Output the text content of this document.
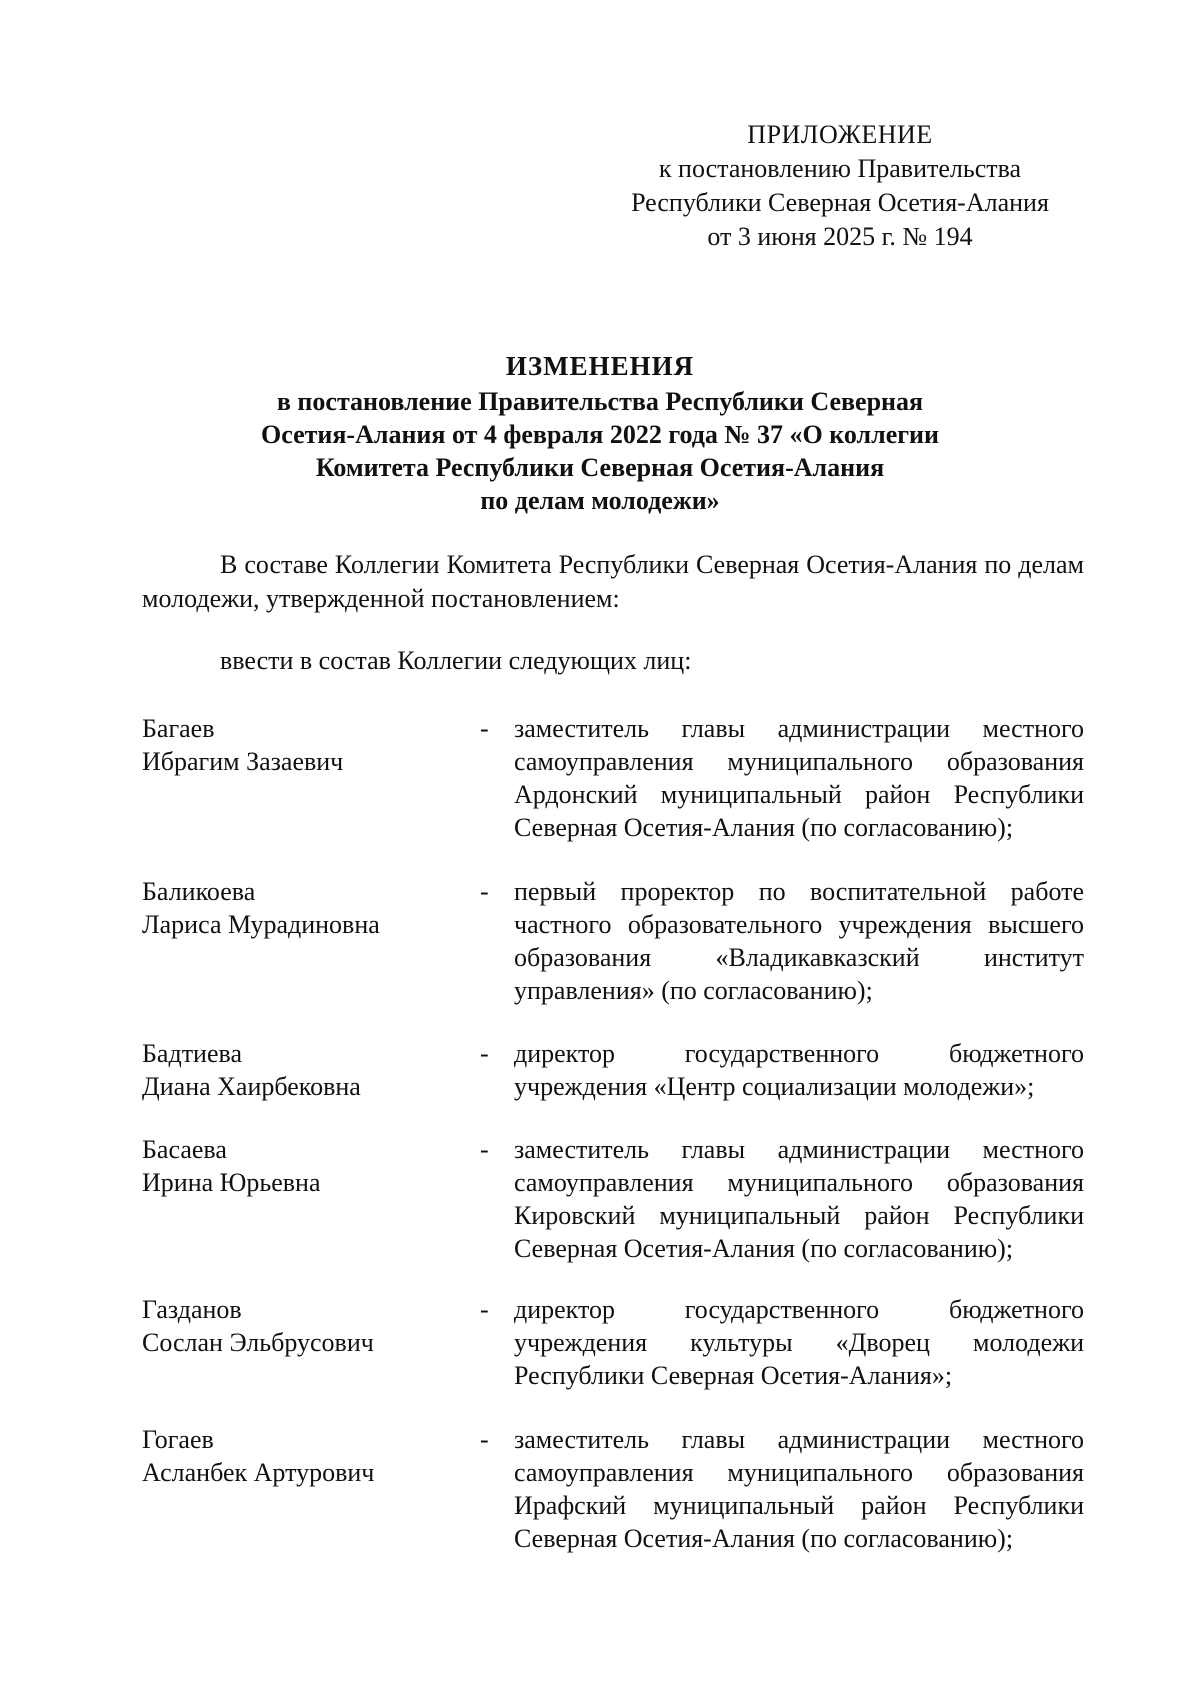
ПРИЛОЖЕНИЕ
к постановлению Правительства
Республики Северная Осетия-Алания
от 3 июня 2025 г. № 194
ИЗМЕНЕНИЯ
в постановление Правительства Республики Северная
Осетия-Алания от 4 февраля 2022 года № 37 «О коллегии
Комитета Республики Северная Осетия-Алания
по делам молодежи»
В составе Коллегии Комитета Республики Северная Осетия-Алания по делам молодежи, утвержденной постановлением:
ввести в состав Коллегии следующих лиц:
Багаев
Ибрагим Зазаевич
- заместитель главы администрации местного самоуправления муниципального образования Ардонский муниципальный район Республики Северная Осетия-Алания (по согласованию);
Баликоева
Лариса Мурадиновна
- первый проректор по воспитательной работе частного образовательного учреждения высшего образования «Владикавказский институт управления» (по согласованию);
Бадтиева
Диана Хаирбековна
- директор государственного бюджетного учреждения «Центр социализации молодежи»;
Басаева
Ирина Юрьевна
- заместитель главы администрации местного самоуправления муниципального образования Кировский муниципальный район Республики Северная Осетия-Алания (по согласованию);
Газданов
Сослан Эльбрусович
- директор государственного бюджетного учреждения культуры «Дворец молодежи Республики Северная Осетия-Алания»;
Гогаев
Асланбек Артурович
- заместитель главы администрации местного самоуправления муниципального образования Ирафский муниципальный район Республики Северная Осетия-Алания (по согласованию);
